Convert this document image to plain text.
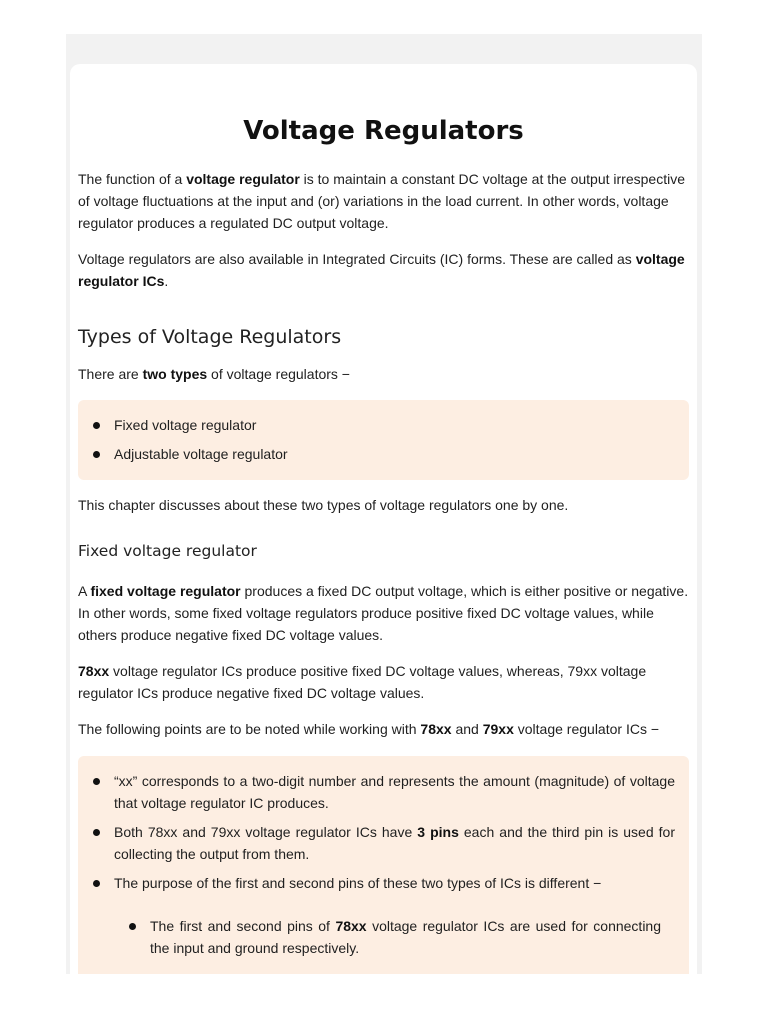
Voltage Regulators

The function of a voltage regulator is to maintain a constant DC voltage at the output irrespective of voltage fluctuations at the input and (or) variations in the load current. In other words, voltage regulator produces a regulated DC output voltage.

Voltage regulators are also available in Integrated Circuits (IC) forms. These are called as voltage regulator ICs.

Types of Voltage Regulators

There are two types of voltage regulators −

Fixed voltage regulator
Adjustable voltage regulator

This chapter discusses about these two types of voltage regulators one by one.

Fixed voltage regulator

A fixed voltage regulator produces a fixed DC output voltage, which is either positive or negative. In other words, some fixed voltage regulators produce positive fixed DC voltage values, while others produce negative fixed DC voltage values.

78xx voltage regulator ICs produce positive fixed DC voltage values, whereas, 79xx voltage regulator ICs produce negative fixed DC voltage values.

The following points are to be noted while working with 78xx and 79xx voltage regulator ICs −

“xx” corresponds to a two-digit number and represents the amount (magnitude) of voltage that voltage regulator IC produces.
Both 78xx and 79xx voltage regulator ICs have 3 pins each and the third pin is used for collecting the output from them.
The purpose of the first and second pins of these two types of ICs is different −
The first and second pins of 78xx voltage regulator ICs are used for connecting the input and ground respectively.
